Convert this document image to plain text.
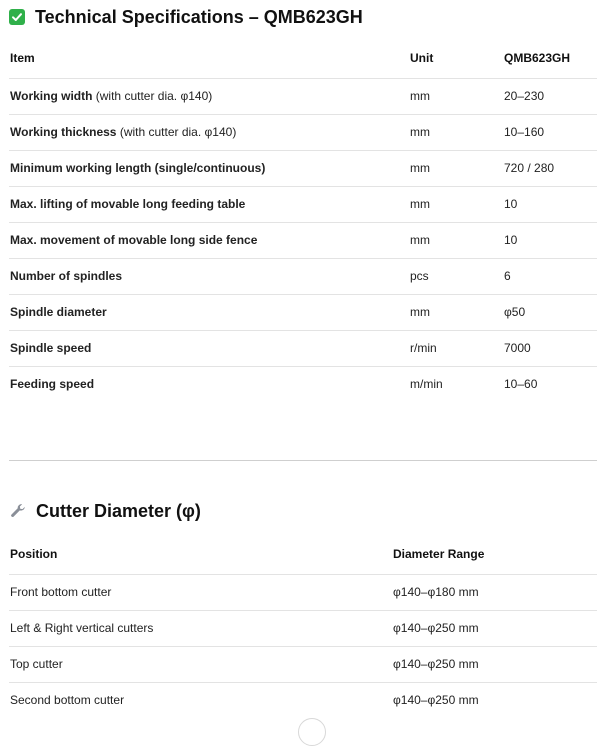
Technical Specifications – QMB623GH
Item	Unit	QMB623GH
Working width (with cutter dia. φ140)	mm	20–230
Working thickness (with cutter dia. φ140)	mm	10–160
Minimum working length (single/continuous)	mm	720 / 280
Max. lifting of movable long feeding table	mm	10
Max. movement of movable long side fence	mm	10
Number of spindles	pcs	6
Spindle diameter	mm	φ50
Spindle speed	r/min	7000
Feeding speed	m/min	10–60
Cutter Diameter (φ)
Position	Diameter Range
Front bottom cutter	φ140–φ180 mm
Left & Right vertical cutters	φ140–φ250 mm
Top cutter	φ140–φ250 mm
Second bottom cutter	φ140–φ250 mm
